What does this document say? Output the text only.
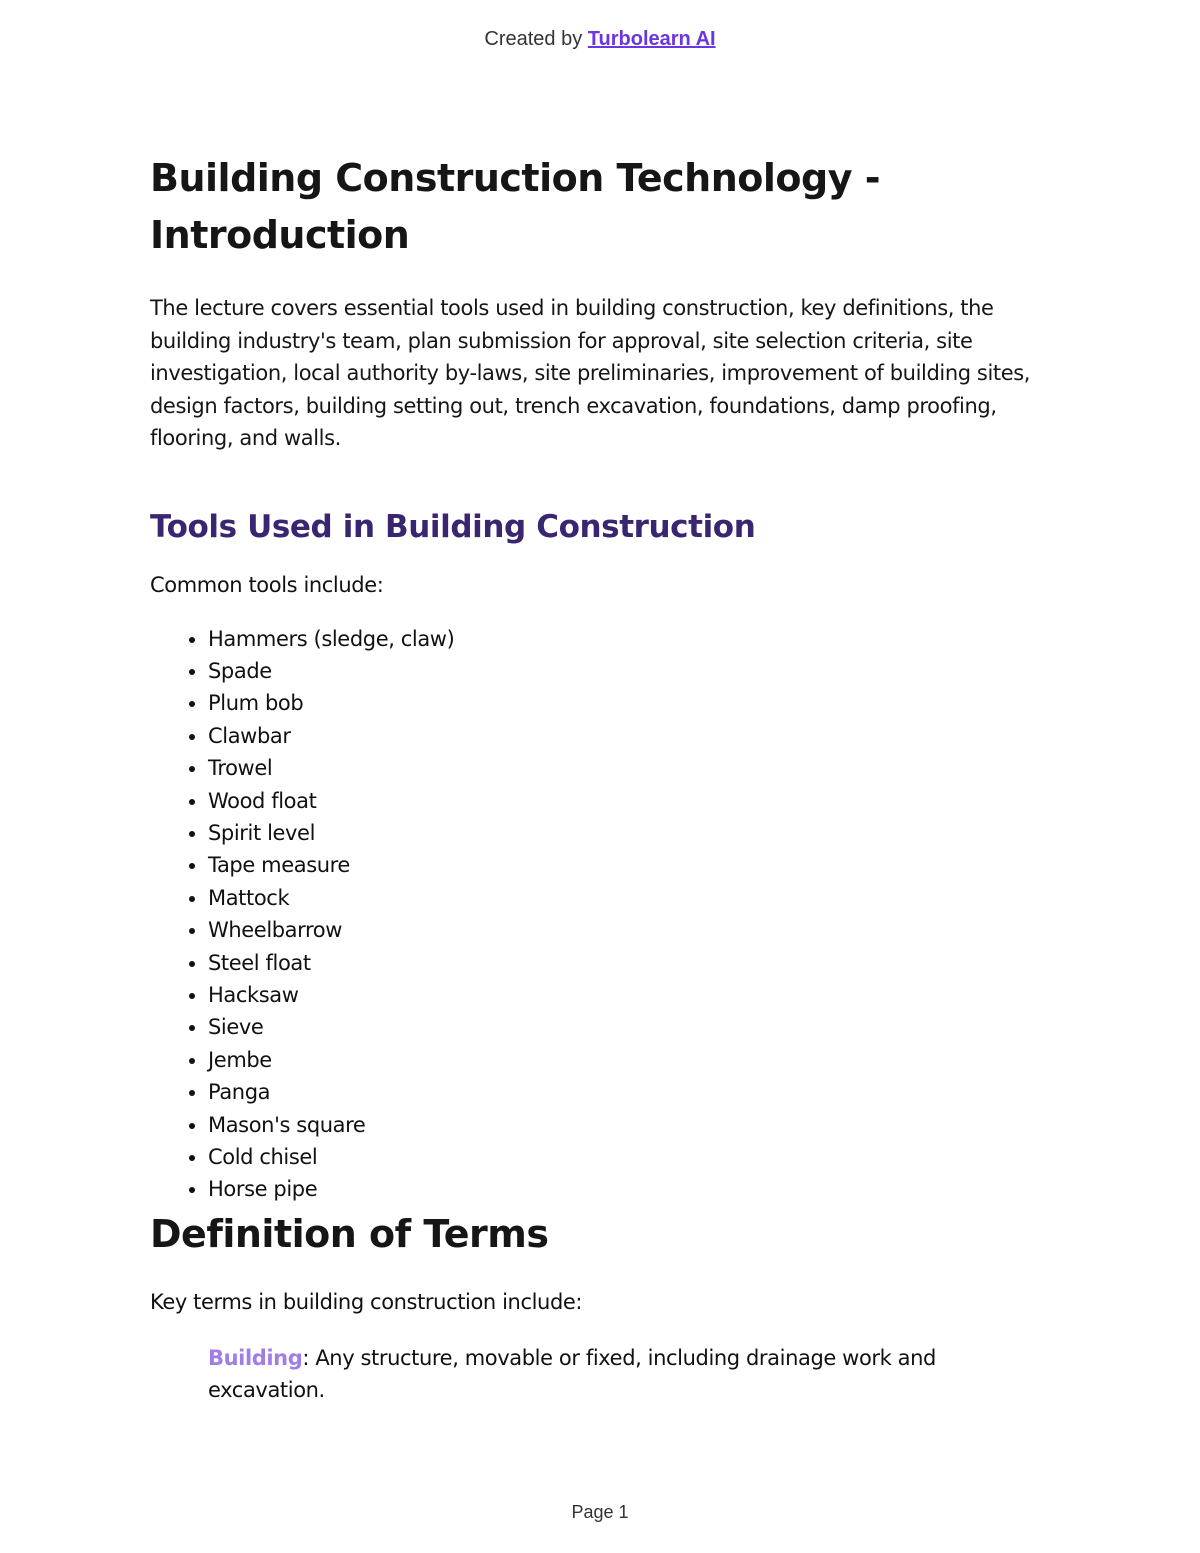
Created by Turbolearn AI
Building Construction Technology - Introduction

The lecture covers essential tools used in building construction, key definitions, the building industry's team, plan submission for approval, site selection criteria, site investigation, local authority by-laws, site preliminaries, improvement of building sites, design factors, building setting out, trench excavation, foundations, damp proofing, flooring, and walls.

Tools Used in Building Construction

Common tools include:

• Hammers (sledge, claw)
• Spade
• Plum bob
• Clawbar
• Trowel
• Wood float
• Spirit level
• Tape measure
• Mattock
• Wheelbarrow
• Steel float
• Hacksaw
• Sieve
• Jembe
• Panga
• Mason's square
• Cold chisel
• Horse pipe
Definition of Terms

Key terms in building construction include:

Building: Any structure, movable or fixed, including drainage work and excavation.
Page 1
